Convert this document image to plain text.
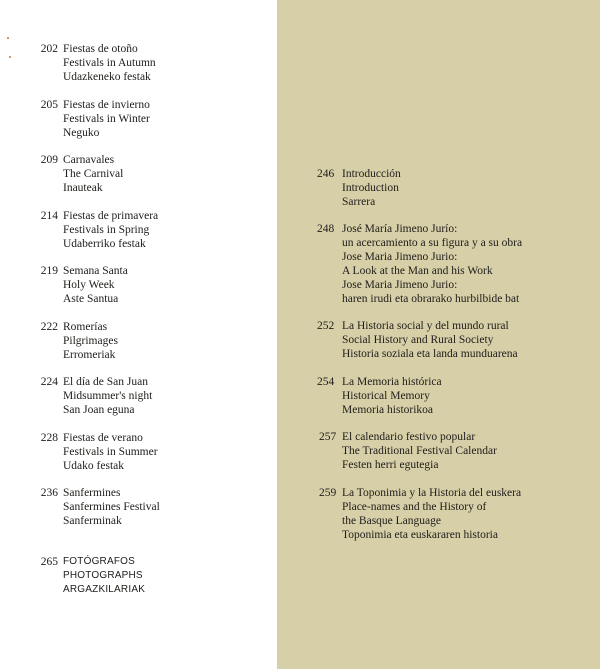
202 Fiestas de otoño
Festivals in Autumn
Udazkeneko festak
205 Fiestas de invierno
Festivals in Winter
Neguko
209 Carnavales
The Carnival
Inauteak
214 Fiestas de primavera
Festivals in Spring
Udaberriko festak
219 Semana Santa
Holy Week
Aste Santua
222 Romerías
Pilgrimages
Erromeriak
224 El día de San Juan
Midsummer's night
San Joan eguna
228 Fiestas de verano
Festivals in Summer
Udako festak
236 Sanfermines
Sanfermines Festival
Sanferminak
265 FOTÓGRAFOS
PHOTOGRAPHS
ARGAZKILARIAK
246 Introducción
Introduction
Sarrera
248 José María Jimeno Jurío:
un acercamiento a su figura y a su obra
Jose Maria Jimeno Jurio:
A Look at the Man and his Work
Jose Maria Jimeno Jurio:
haren irudi eta obrarako hurbilbide bat
252 La Historia social y del mundo rural
Social History and Rural Society
Historia soziala eta landa munduarena
254 La Memoria histórica
Historical Memory
Memoria historikoa
257 El calendario festivo popular
The Traditional Festival Calendar
Festen herri egutegia
259 La Toponimia y la Historia del euskera
Place-names and the History of
the Basque Language
Toponimia eta euskararen historia
